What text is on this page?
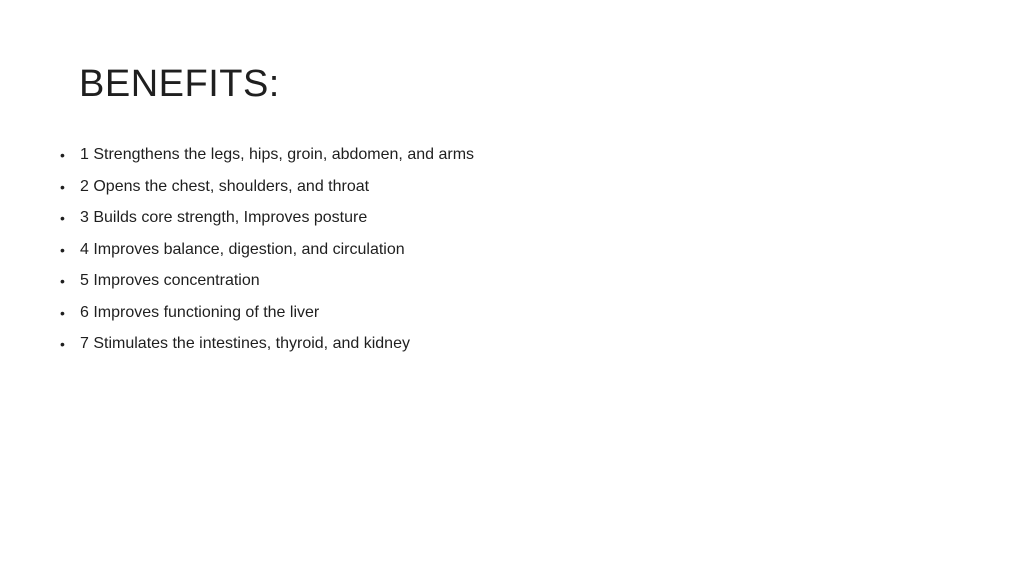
BENEFITS:
• 1 Strengthens the legs, hips, groin, abdomen, and arms
• 2 Opens the chest, shoulders, and throat
• 3 Builds core strength, Improves posture
• 4 Improves balance, digestion, and circulation
• 5 Improves concentration
• 6 Improves functioning of the liver
• 7 Stimulates the intestines, thyroid, and kidney
